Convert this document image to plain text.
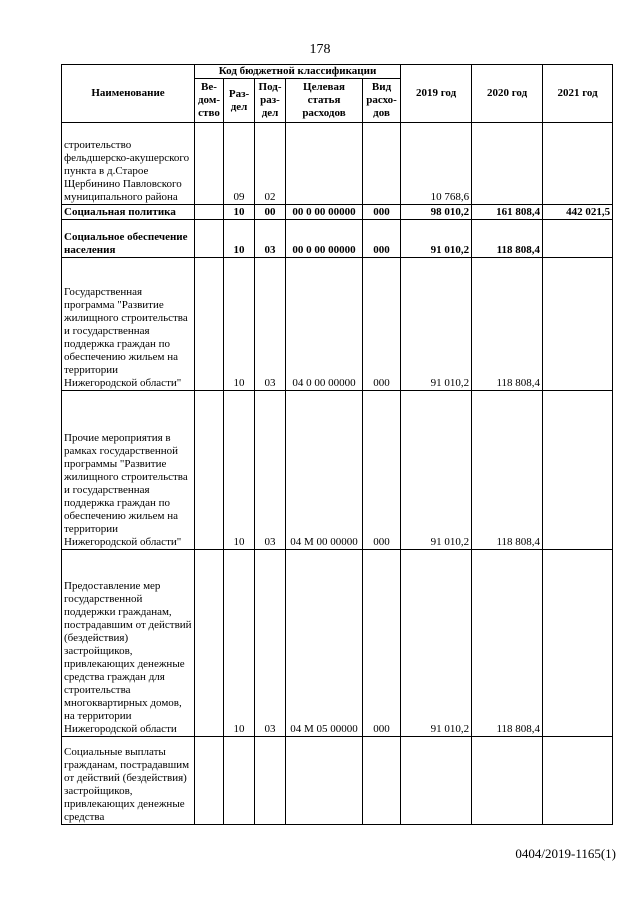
178
Наименование	Код бюджетной классификации					2019 год	2020 год	2021 год
	Ве-дом-ство	Раз-дел	Под-раз-дел	Целевая статья расходов	Вид расхо-дов			
строительство фельдшерско-акушерского пункта в д.Старое Щербинино Павловского муниципального района		09	02			10 768,6		
Социальная политика		10	00	00 0 00 00000	000	98 010,2	161 808,4	442 021,5
Социальное обеспечение населения		10	03	00 0 00 00000	000	91 010,2	118 808,4	
Государственная программа "Развитие жилищного строительства и государственная поддержка граждан по обеспечению жильем на территории Нижегородской области"		10	03	04 0 00 00000	000	91 010,2	118 808,4	
Прочие мероприятия в рамках государственной программы "Развитие жилищного строительства и государственная поддержка граждан по обеспечению жильем на территории Нижегородской области"		10	03	04 М 00 00000	000	91 010,2	118 808,4	
Предоставление мер государственной поддержки гражданам, пострадавшим от действий (бездействия) застройщиков, привлекающих денежные средства граждан для строительства многоквартирных домов, на территории Нижегородской области		10	03	04 М 05 00000	000	91 010,2	118 808,4	
Социальные выплаты гражданам, пострадавшим от действий (бездействия) застройщиков, привлекающих денежные средства								
0404/2019-1165(1)
